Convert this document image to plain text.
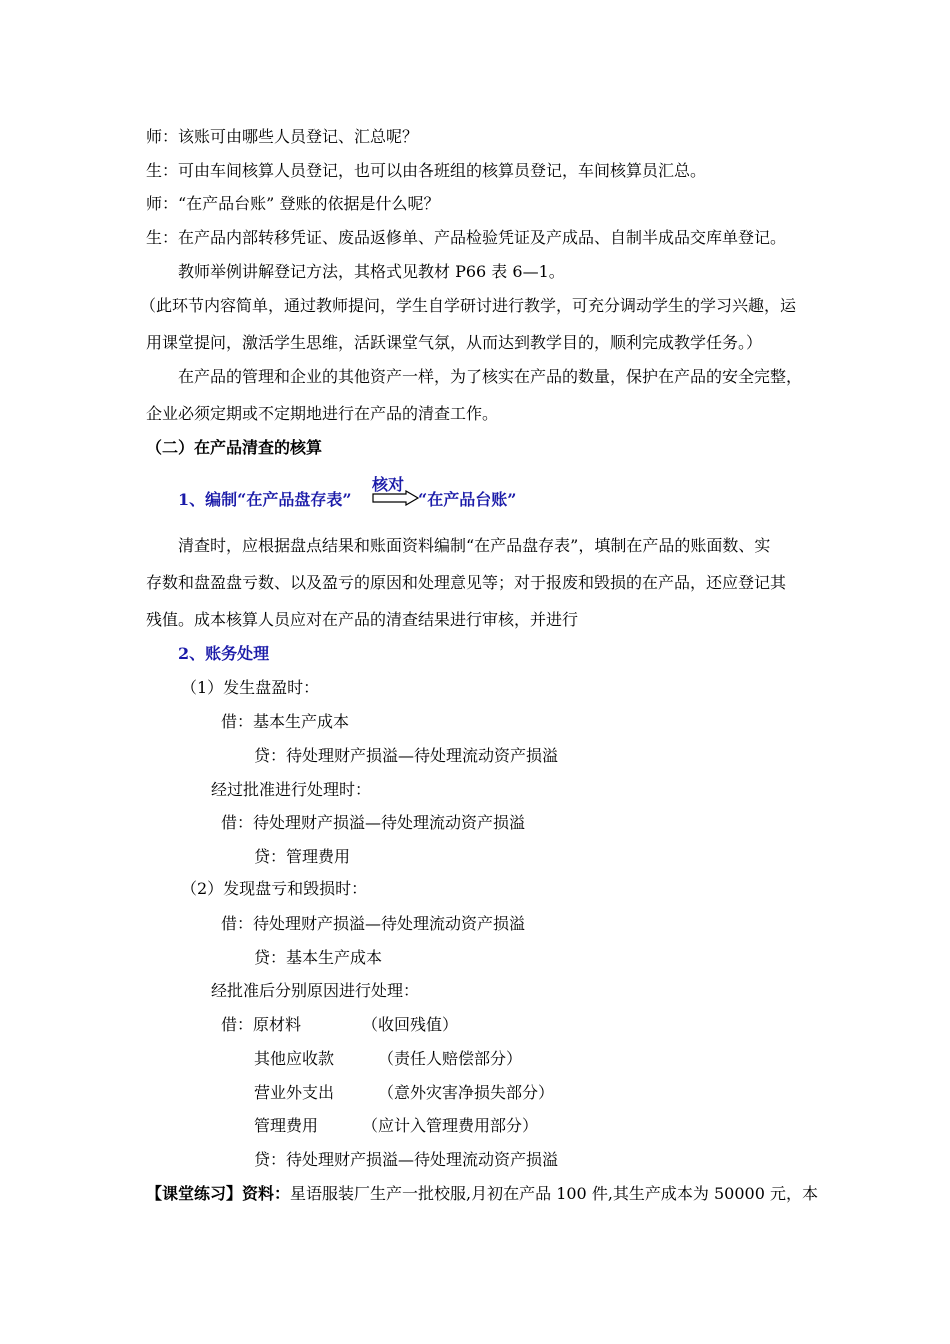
师：该账可由哪些人员登记、汇总呢？
生：可由车间核算人员登记，也可以由各班组的核算员登记，车间核算员汇总。
师：“在产品台账” 登账的依据是什么呢？
生：在产品内部转移凭证、废品返修单、产品检验凭证及产成品、自制半成品交库单登记。
教师举例讲解登记方法，其格式见教材 P66 表 6—1。
（此环节内容简单，通过教师提问，学生自学研讨进行教学，可充分调动学生的学习兴趣，运
用课堂提问，激活学生思维，活跃课堂气氛，从而达到教学目的，顺利完成教学任务。）
在产品的管理和企业的其他资产一样，为了核实在产品的数量，保护在产品的安全完整，
企业必须定期或不定期地进行在产品的清查工作。
（二）在产品清查的核算
1、编制“在产品盘存表”
核对
“在产品台账”
清查时，应根据盘点结果和账面资料编制“在产品盘存表”，填制在产品的账面数、实
存数和盘盈盘亏数、以及盈亏的原因和处理意见等；对于报废和毁损的在产品，还应登记其
残值。成本核算人员应对在产品的清查结果进行审核，并进行
2、账务处理
（1）发生盘盈时：
借：基本生产成本
贷：待处理财产损溢—待处理流动资产损溢
经过批准进行处理时：
借：待处理财产损溢—待处理流动资产损溢
贷：管理费用
（2）发现盘亏和毁损时：
借：待处理财产损溢—待处理流动资产损溢
贷：基本生产成本
经批准后分别原因进行处理：
借：原材料	（收回残值）
其他应收款	（责任人赔偿部分）
营业外支出	（意外灾害净损失部分）
管理费用	（应计入管理费用部分）
贷：待处理财产损溢—待处理流动资产损溢
【课堂练习】资料：星语服装厂生产一批校服,月初在产品 100 件,其生产成本为 50000 元，本
